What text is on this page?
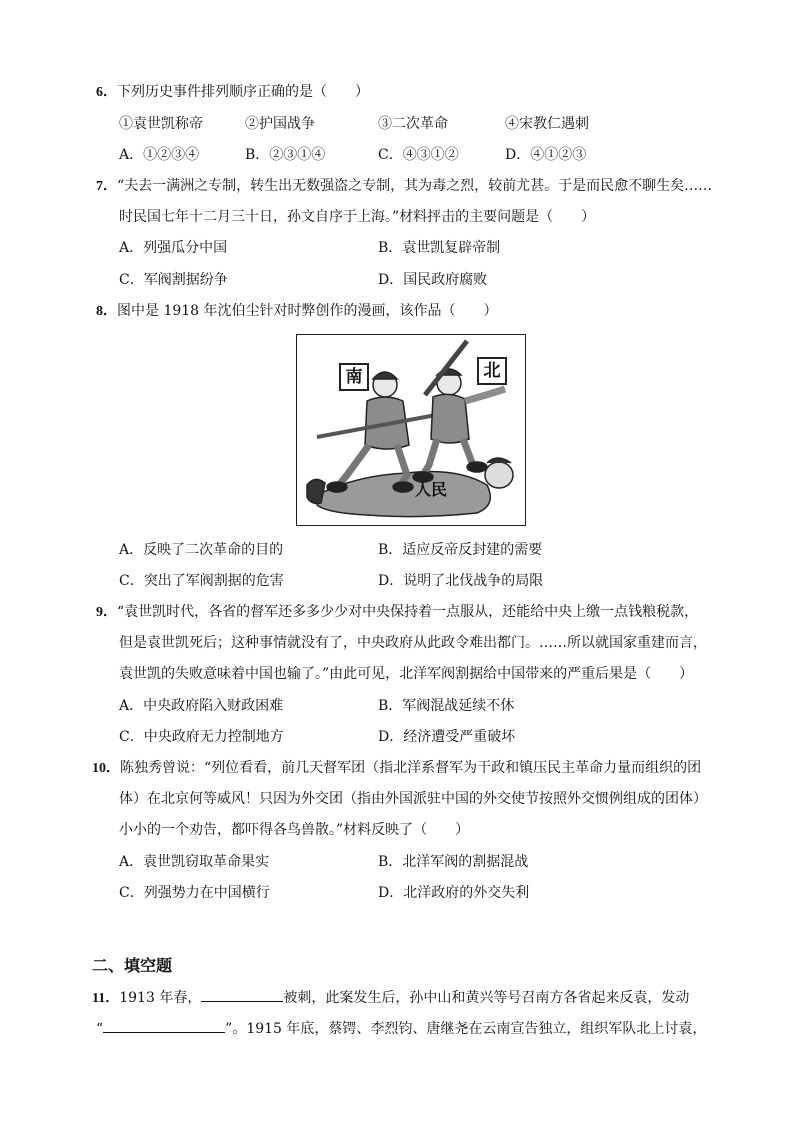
6．下列历史事件排列顺序正确的是（　　）
①袁世凯称帝	②护国战争	③二次革命	④宋教仁遇刺
A．①②③④	B．②③①④	C．④③①②	D．④①②③
7．“夫去一满洲之专制，转生出无数强盗之专制，其为毒之烈，较前尤甚。于是而民愈不聊生矣……
时民国七年十二月三十日，孙文自序于上海。”材料抨击的主要问题是（　　）
A．列强瓜分中国	B．袁世凯复辟帝制
C．军阀割据纷争	D．国民政府腐败
8．图中是 1918 年沈伯尘针对时弊创作的漫画，该作品（　　）
南	北
人民
A．反映了二次革命的目的	B．适应反帝反封建的需要
C．突出了军阀割据的危害	D．说明了北伐战争的局限
9．“袁世凯时代，各省的督军还多多少少对中央保持着一点服从，还能给中央上缴一点钱粮税款，
但是袁世凯死后；这种事情就没有了，中央政府从此政令难出都门。……所以就国家重建而言，
袁世凯的失败意味着中国也输了。”由此可见，北洋军阀割据给中国带来的严重后果是（　　）
A．中央政府陷入财政困难	B．军阀混战延续不休
C．中央政府无力控制地方	D．经济遭受严重破坏
10．陈独秀曾说：“列位看看，前几天督军团（指北洋系督军为干政和镇压民主革命力量而组织的团
体）在北京何等威风！只因为外交团（指由外国派驻中国的外交使节按照外交惯例组成的团体）
小小的一个劝告，都吓得各鸟兽散。”材料反映了（　　）
A．袁世凯窃取革命果实	B．北洋军阀的割据混战
C．列强势力在中国横行	D．北洋政府的外交失利
二、填空题
11．1913 年春，	被刺，此案发生后，孙中山和黄兴等号召南方各省起来反袁，发动
“	”。1915 年底，蔡锷、李烈钧、唐继尧在云南宣告独立，组织军队北上讨袁，
